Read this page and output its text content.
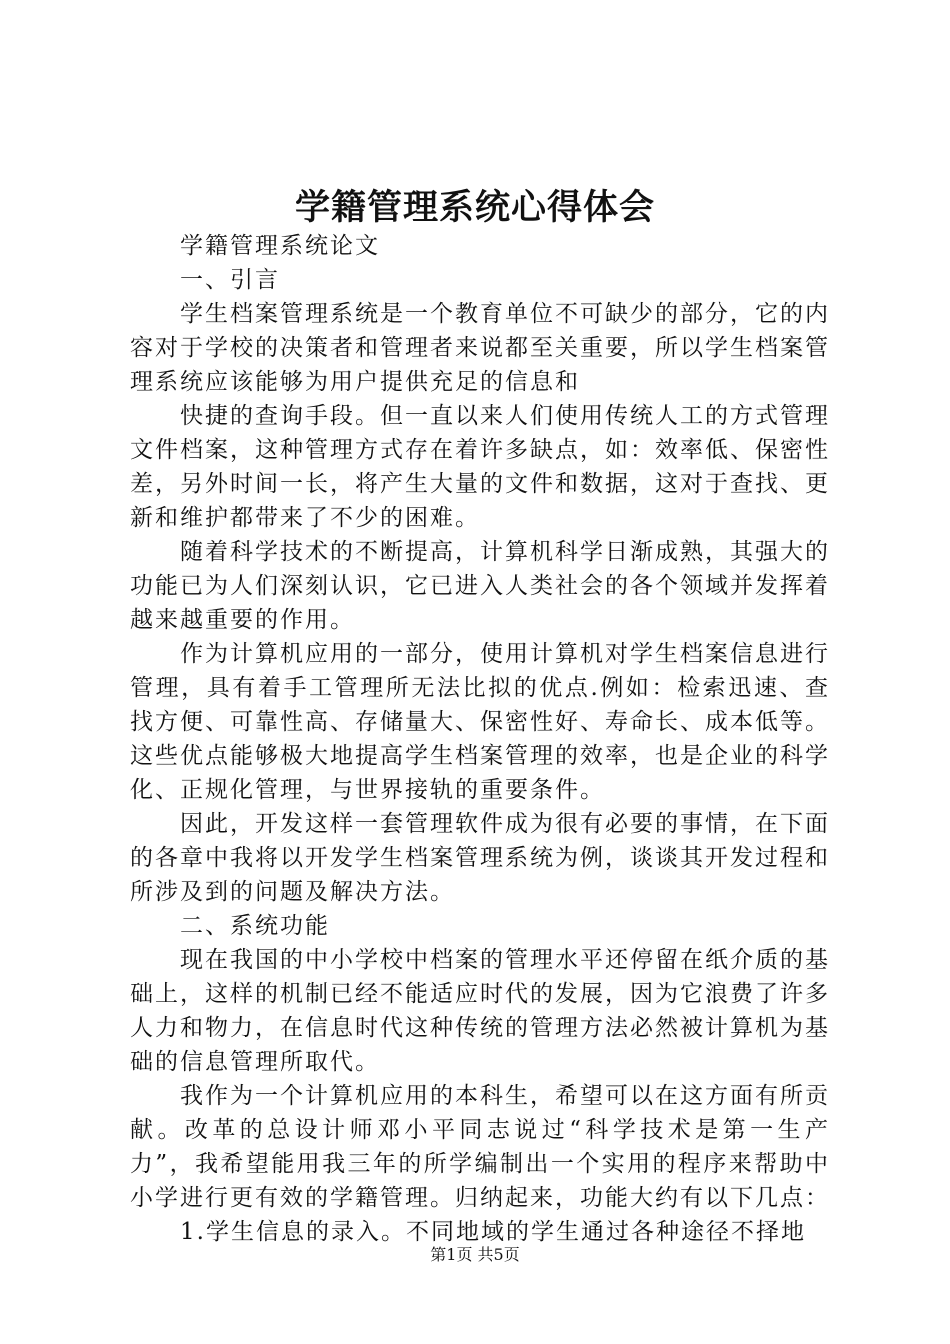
学籍管理系统心得体会

学籍管理系统论文

一、引言

学生档案管理系统是一个教育单位不可缺少的部分，它的内容对于学校的决策者和管理者来说都至关重要，所以学生档案管理系统应该能够为用户提供充足的信息和

快捷的查询手段。但一直以来人们使用传统人工的方式管理文件档案，这种管理方式存在着许多缺点，如：效率低、保密性差，另外时间一长，将产生大量的文件和数据，这对于查找、更新和维护都带来了不少的困难。

随着科学技术的不断提高，计算机科学日渐成熟，其强大的功能已为人们深刻认识，它已进入人类社会的各个领域并发挥着越来越重要的作用。

作为计算机应用的一部分，使用计算机对学生档案信息进行管理，具有着手工管理所无法比拟的优点.例如：检索迅速、查找方便、可靠性高、存储量大、保密性好、寿命长、成本低等。这些优点能够极大地提高学生档案管理的效率，也是企业的科学化、正规化管理，与世界接轨的重要条件。

因此，开发这样一套管理软件成为很有必要的事情，在下面的各章中我将以开发学生档案管理系统为例，谈谈其开发过程和所涉及到的问题及解决方法。

二、系统功能

现在我国的中小学校中档案的管理水平还停留在纸介质的基础上，这样的机制已经不能适应时代的发展，因为它浪费了许多人力和物力，在信息时代这种传统的管理方法必然被计算机为基础的信息管理所取代。

我作为一个计算机应用的本科生，希望可以在这方面有所贡献。改革的总设计师邓小平同志说过“科学技术是第一生产力”，我希望能用我三年的所学编制出一个实用的程序来帮助中小学进行更有效的学籍管理。归纳起来，功能大约有以下几点：

1.学生信息的录入。不同地域的学生通过各种途径不择地

第1页 共5页
